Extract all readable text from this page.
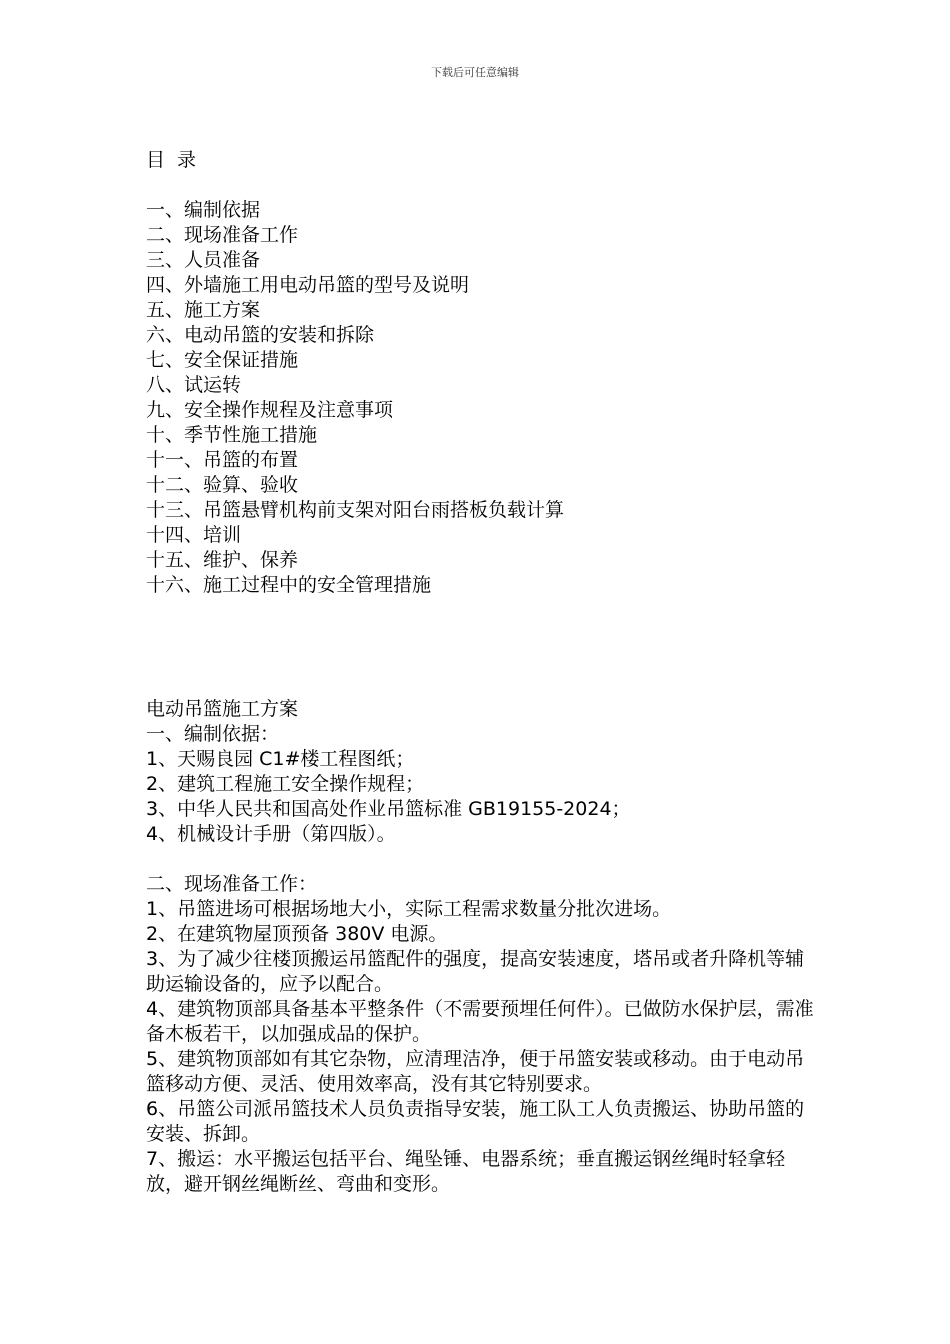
下载后可任意编辑
目 录
一、编制依据
二、现场准备工作
三、人员准备
四、外墙施工用电动吊篮的型号及说明
五、施工方案
六、电动吊篮的安装和拆除
七、安全保证措施
八、试运转
九、安全操作规程及注意事项
十、季节性施工措施
十一、吊篮的布置
十二、验算、验收
十三、吊篮悬臂机构前支架对阳台雨搭板负载计算
十四、培训
十五、维护、保养
十六、施工过程中的安全管理措施
电动吊篮施工方案
一、编制依据：
1、天赐良园 C1#楼工程图纸；
2、建筑工程施工安全操作规程；
3、中华人民共和国高处作业吊篮标准 GB19155-2024；
4、机械设计手册（第四版）。
二、现场准备工作：
1、吊篮进场可根据场地大小，实际工程需求数量分批次进场。
2、在建筑物屋顶预备 380V 电源。
3、为了减少往楼顶搬运吊篮配件的强度，提高安装速度，塔吊或者升降机等辅助运输设备的，应予以配合。
4、建筑物顶部具备基本平整条件（不需要预埋任何件）。已做防水保护层，需准备木板若干，以加强成品的保护。
5、建筑物顶部如有其它杂物，应清理洁净，便于吊篮安装或移动。由于电动吊篮移动方便、灵活、使用效率高，没有其它特别要求。
6、吊篮公司派吊篮技术人员负责指导安装，施工队工人负责搬运、协助吊篮的安装、拆卸。
7、搬运：水平搬运包括平台、绳坠锤、电器系统；垂直搬运钢丝绳时轻拿轻放，避开钢丝绳断丝、弯曲和变形。
